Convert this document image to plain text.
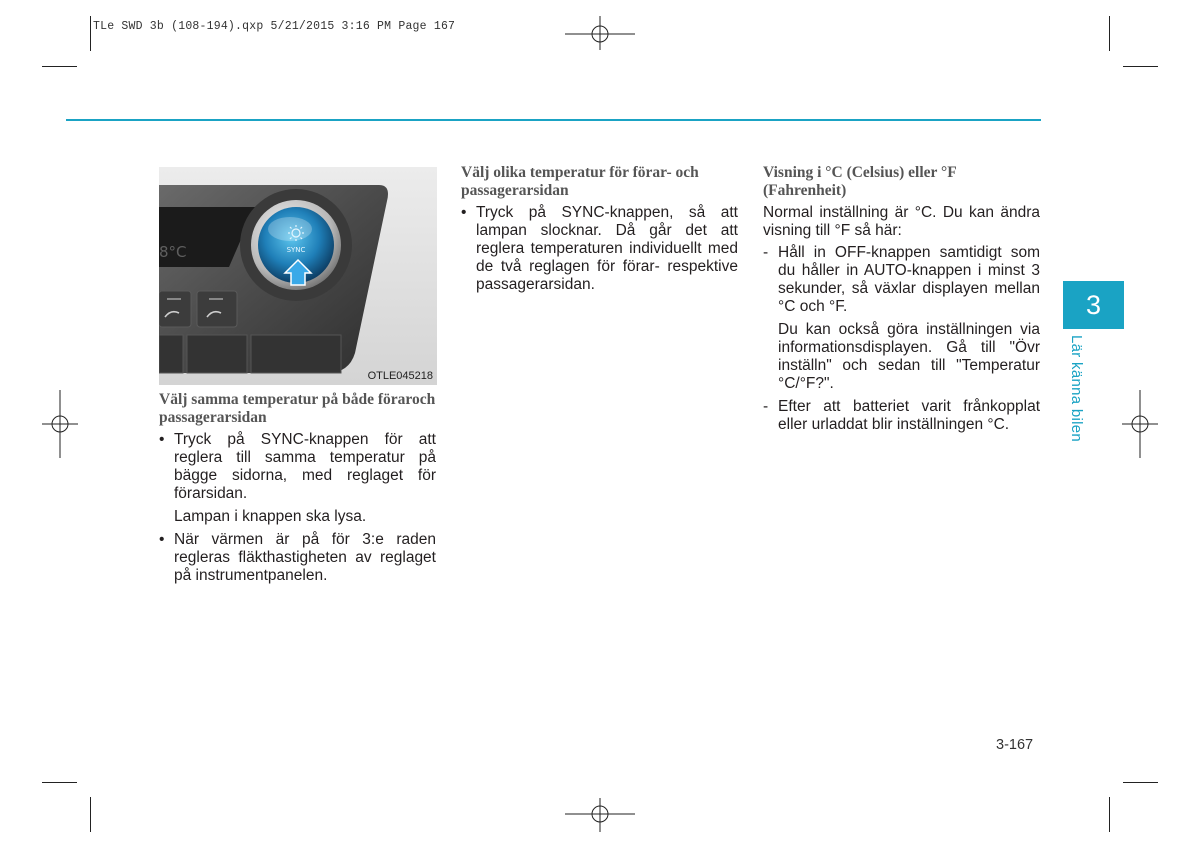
TLe SWD 3b (108-194).qxp 5/21/2015 3:16 PM Page 167
8°C	SYNC
OTLE045218
Välj samma temperatur på både föraroch passagerarsidan
• Tryck på SYNC-knappen för att reglera till samma temperatur på bägge sidorna, med reglaget för förarsidan.
Lampan i knappen ska lysa.
• När värmen är på för 3:e raden regleras fläkthastigheten av reglaget på instrumentpanelen.
Välj olika temperatur för förar- och passagerarsidan
• Tryck på SYNC-knappen, så att lampan slocknar. Då går det att reglera temperaturen individuellt med de två reglagen för förar- respektive passagerarsidan.
Visning i °C (Celsius) eller °F (Fahrenheit)

Normal inställning är °C. Du kan ändra visning till °F så här:

- Håll in OFF-knappen samtidigt som du håller in AUTO-knappen i minst 3 sekunder, så växlar displayen mellan °C och °F.
Du kan också göra inställningen via informationsdisplayen. Gå till "Övr inställn" och sedan till "Temperatur °C/°F?".
- Efter att batteriet varit frånkopplat eller urladdat blir inställningen °C.
3
Lär känna bilen
3-167
